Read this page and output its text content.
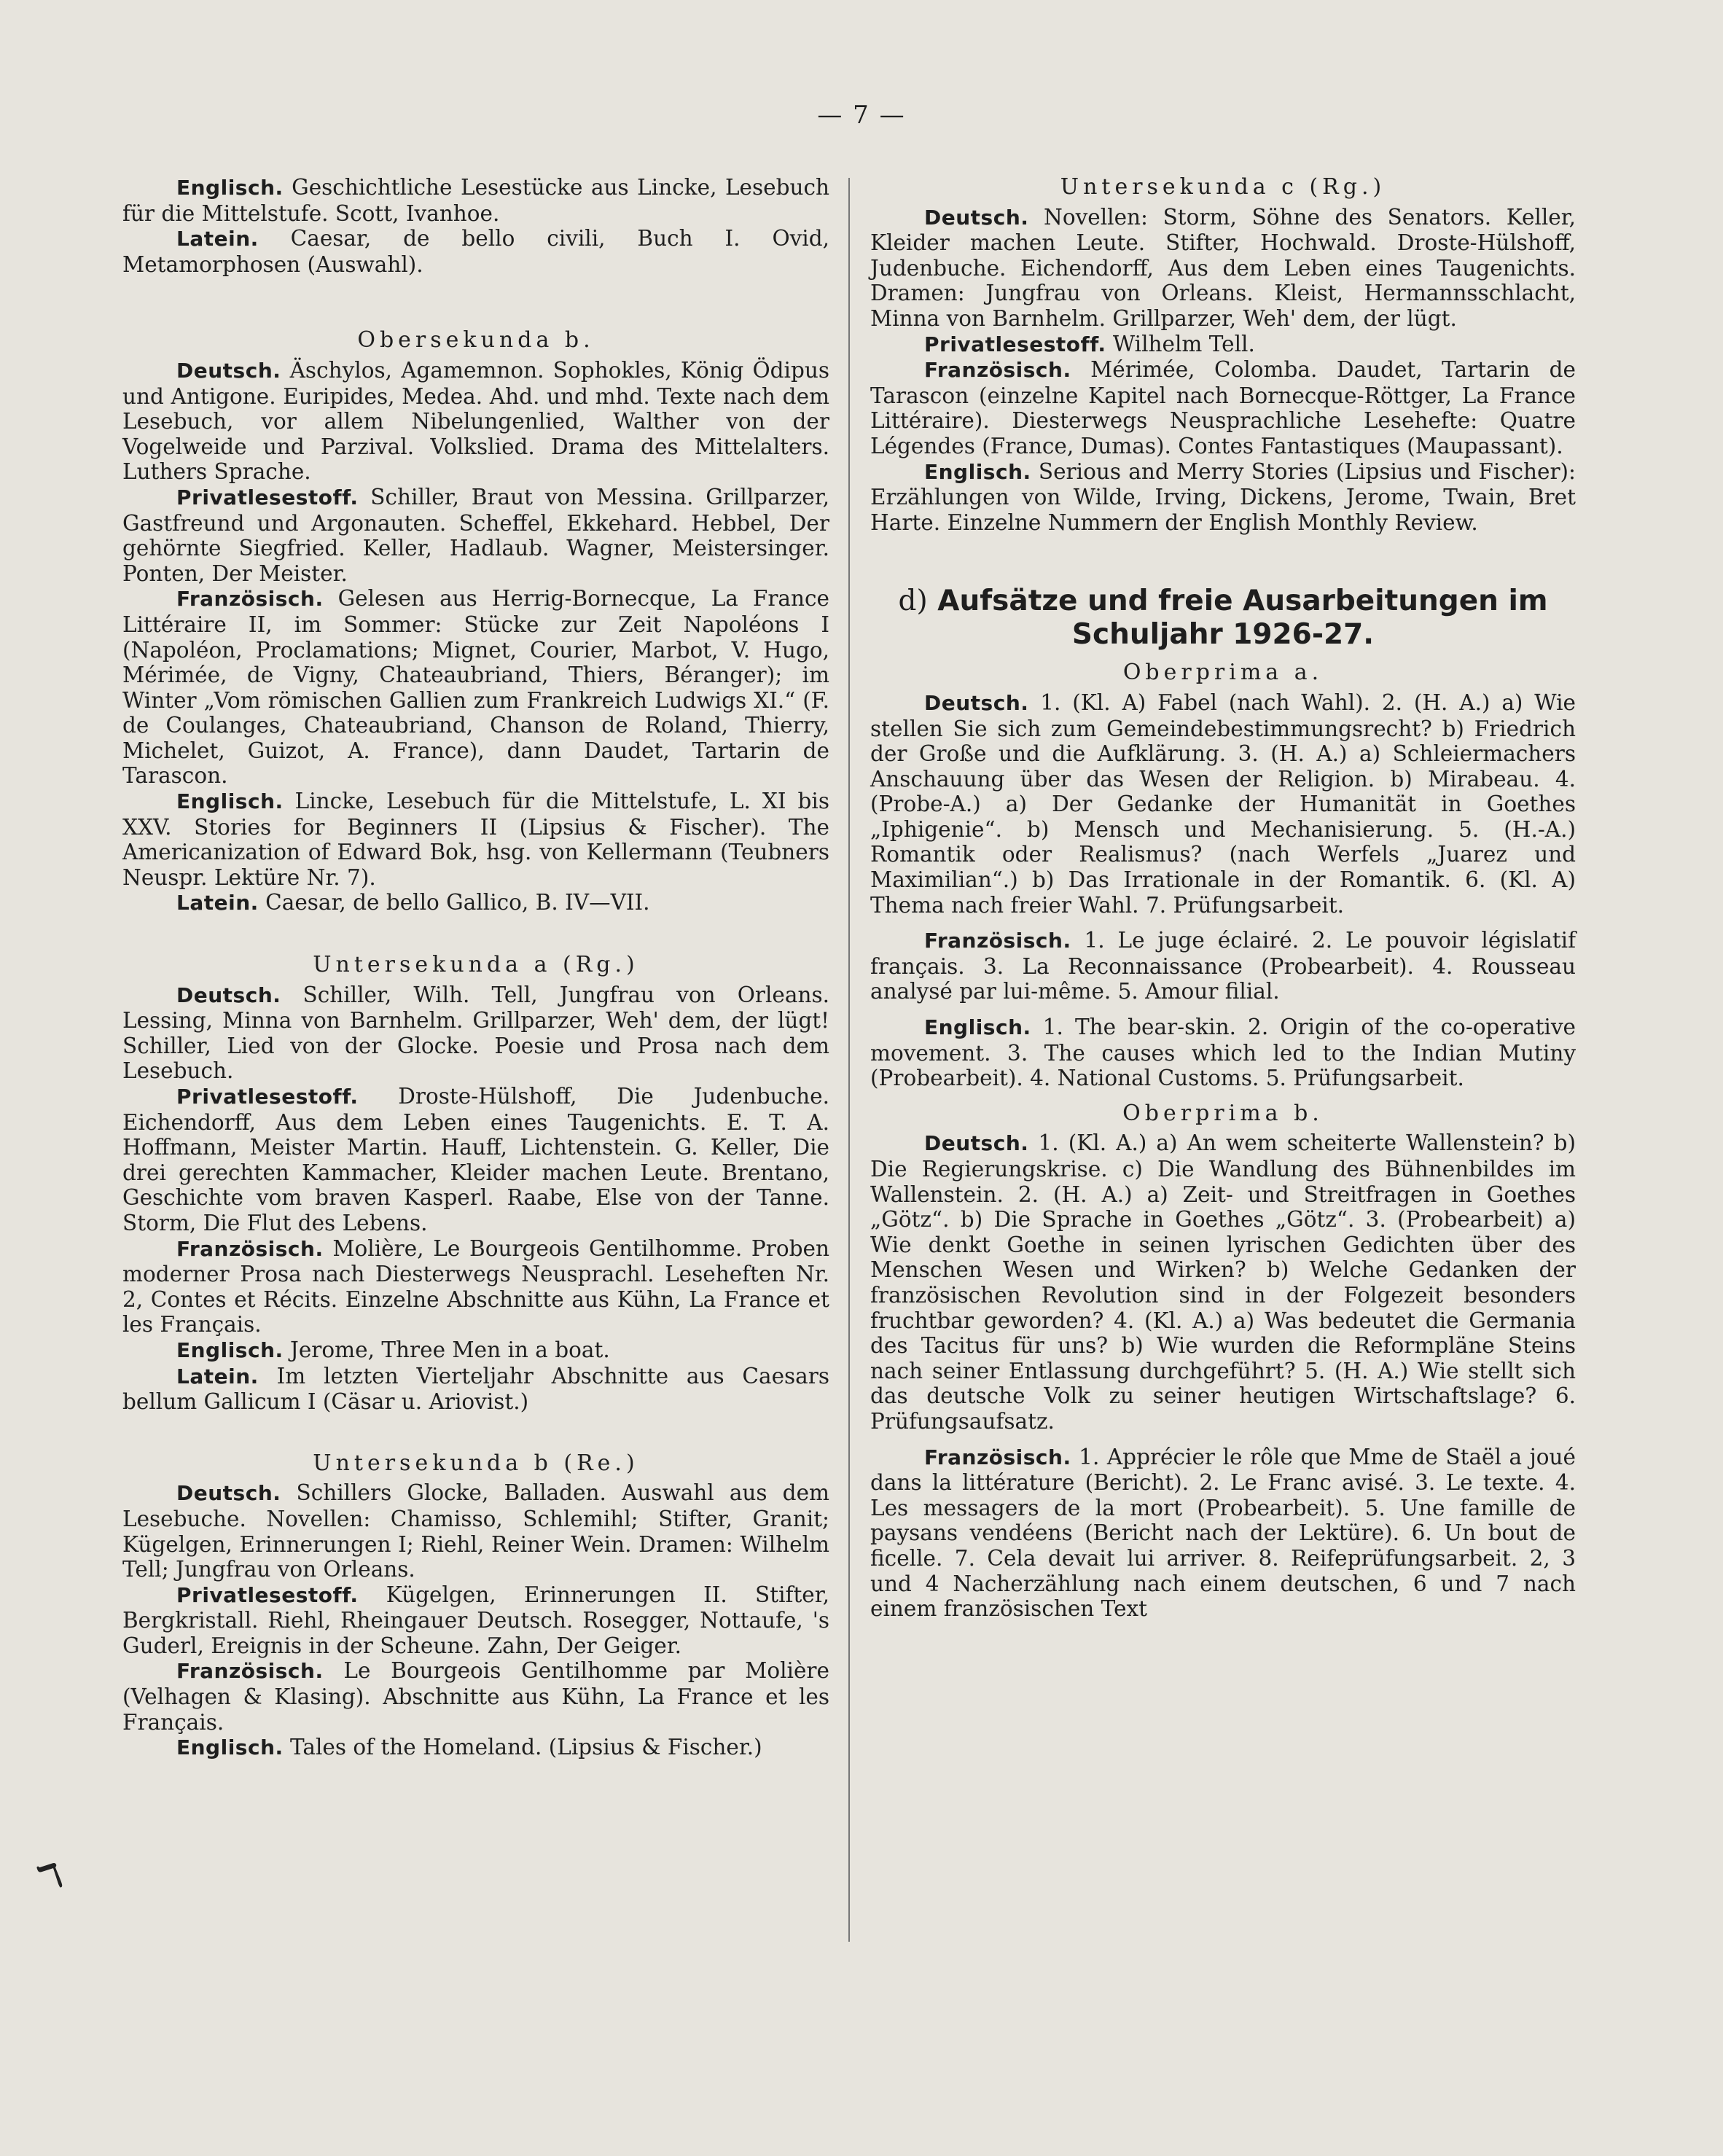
— 7 —
Englisch. Geschichtliche Lesestücke aus Lincke, Lesebuch für die Mittelstufe. Scott, Ivanhoe.
Latein. Caesar, de bello civili, Buch I. Ovid, Metamorphosen (Auswahl).
Obersekunda b.
Deutsch. Äschylos, Agamemnon. Sophokles, König Ödipus und Antigone. Euripides, Medea. Ahd. und mhd. Texte nach dem Lesebuch, vor allem Nibelungenlied, Walther von der Vogelweide und Parzival. Volkslied. Drama des Mittelalters. Luthers Sprache.
Privatlesestoff. Schiller, Braut von Messina. Grillparzer, Gastfreund und Argonauten. Scheffel, Ekkehard. Hebbel, Der gehörnte Siegfried. Keller, Hadlaub. Wagner, Meistersinger. Ponten, Der Meister.
Französisch. Gelesen aus Herrig-Bornecque, La France Littéraire II, im Sommer: Stücke zur Zeit Napoléons I (Napoléon, Proclamations; Mignet, Courier, Marbot, V. Hugo, Mérimée, de Vigny, Chateaubriand, Thiers, Béranger); im Winter „Vom römischen Gallien zum Frankreich Ludwigs XI.“ (F. de Coulanges, Chateaubriand, Chanson de Roland, Thierry, Michelet, Guizot, A. France), dann Daudet, Tartarin de Tarascon.
Englisch. Lincke, Lesebuch für die Mittelstufe, L. XI bis XXV. Stories for Beginners II (Lipsius & Fischer). The Americanization of Edward Bok, hsg. von Kellermann (Teubners Neuspr. Lektüre Nr. 7).
Latein. Caesar, de bello Gallico, B. IV—VII.
Untersekunda a (Rg.)
Deutsch. Schiller, Wilh. Tell, Jungfrau von Orleans. Lessing, Minna von Barnhelm. Grillparzer, Weh' dem, der lügt! Schiller, Lied von der Glocke. Poesie und Prosa nach dem Lesebuch.
Privatlesestoff. Droste-Hülshoff, Die Judenbuche. Eichendorff, Aus dem Leben eines Taugenichts. E. T. A. Hoffmann, Meister Martin. Hauff, Lichtenstein. G. Keller, Die drei gerechten Kammacher, Kleider machen Leute. Brentano, Geschichte vom braven Kasperl. Raabe, Else von der Tanne. Storm, Die Flut des Lebens.
Französisch. Molière, Le Bourgeois Gentilhomme. Proben moderner Prosa nach Diesterwegs Neusprachl. Leseheften Nr. 2, Contes et Récits. Einzelne Abschnitte aus Kühn, La France et les Français.
Englisch. Jerome, Three Men in a boat.
Latein. Im letzten Vierteljahr Abschnitte aus Caesars bellum Gallicum I (Cäsar u. Ariovist.)
Untersekunda b (Re.)
Deutsch. Schillers Glocke, Balladen. Auswahl aus dem Lesebuche. Novellen: Chamisso, Schlemihl; Stifter, Granit; Kügelgen, Erinnerungen I; Riehl, Reiner Wein. Dramen: Wilhelm Tell; Jungfrau von Orleans.
Privatlesestoff. Kügelgen, Erinnerungen II. Stifter, Bergkristall. Riehl, Rheingauer Deutsch. Rosegger, Nottaufe, 's Guderl, Ereignis in der Scheune. Zahn, Der Geiger.
Französisch. Le Bourgeois Gentilhomme par Molière (Velhagen & Klasing). Abschnitte aus Kühn, La France et les Français.
Englisch. Tales of the Homeland. (Lipsius & Fischer.)
Untersekunda c (Rg.)
Deutsch. Novellen: Storm, Söhne des Senators. Keller, Kleider machen Leute. Stifter, Hochwald. Droste-Hülshoff, Judenbuche. Eichendorff, Aus dem Leben eines Taugenichts. Dramen: Jungfrau von Orleans. Kleist, Hermannsschlacht, Minna von Barnhelm. Grillparzer, Weh' dem, der lügt.
Privatlesestoff. Wilhelm Tell.
Französisch. Mérimée, Colomba. Daudet, Tartarin de Tarascon (einzelne Kapitel nach Bornecque-Röttger, La France Littéraire). Diesterwegs Neusprachliche Lesehefte: Quatre Légendes (France, Dumas). Contes Fantastiques (Maupassant).
Englisch. Serious and Merry Stories (Lipsius und Fischer): Erzählungen von Wilde, Irving, Dickens, Jerome, Twain, Bret Harte. Einzelne Nummern der English Monthly Review.
d) Aufsätze und freie Ausarbeitungen im Schuljahr 1926-27.
Oberprima a.
Deutsch. 1. (Kl. A) Fabel (nach Wahl). 2. (H. A.) a) Wie stellen Sie sich zum Gemeindebestimmungsrecht? b) Friedrich der Große und die Aufklärung. 3. (H. A.) a) Schleiermachers Anschauung über das Wesen der Religion. b) Mirabeau. 4. (Probe-A.) a) Der Gedanke der Humanität in Goethes „Iphigenie“. b) Mensch und Mechanisierung. 5. (H.-A.) Romantik oder Realismus? (nach Werfels „Juarez und Maximilian“.) b) Das Irrationale in der Romantik. 6. (Kl. A) Thema nach freier Wahl. 7. Prüfungsarbeit.
Französisch. 1. Le juge éclairé. 2. Le pouvoir législatif français. 3. La Reconnaissance (Probearbeit). 4. Rousseau analysé par lui-même. 5. Amour filial.
Englisch. 1. The bear-skin. 2. Origin of the co-operative movement. 3. The causes which led to the Indian Mutiny (Probearbeit). 4. National Customs. 5. Prüfungsarbeit.
Oberprima b.
Deutsch. 1. (Kl. A.) a) An wem scheiterte Wallenstein? b) Die Regierungskrise. c) Die Wandlung des Bühnenbildes im Wallenstein. 2. (H. A.) a) Zeit- und Streitfragen in Goethes „Götz“. b) Die Sprache in Goethes „Götz“. 3. (Probearbeit) a) Wie denkt Goethe in seinen lyrischen Gedichten über des Menschen Wesen und Wirken? b) Welche Gedanken der französischen Revolution sind in der Folgezeit besonders fruchtbar geworden? 4. (Kl. A.) a) Was bedeutet die Germania des Tacitus für uns? b) Wie wurden die Reformpläne Steins nach seiner Entlassung durchgeführt? 5. (H. A.) Wie stellt sich das deutsche Volk zu seiner heutigen Wirtschaftslage? 6. Prüfungsaufsatz.
Französisch. 1. Apprécier le rôle que Mme de Staël a joué dans la littérature (Bericht). 2. Le Franc avisé. 3. Le texte. 4. Les messagers de la mort (Probearbeit). 5. Une famille de paysans vendéens (Bericht nach der Lektüre). 6. Un bout de ficelle. 7. Cela devait lui arriver. 8. Reifeprüfungsarbeit. 2, 3 und 4 Nacherzählung nach einem deutschen, 6 und 7 nach einem französischen Text
ℸ
